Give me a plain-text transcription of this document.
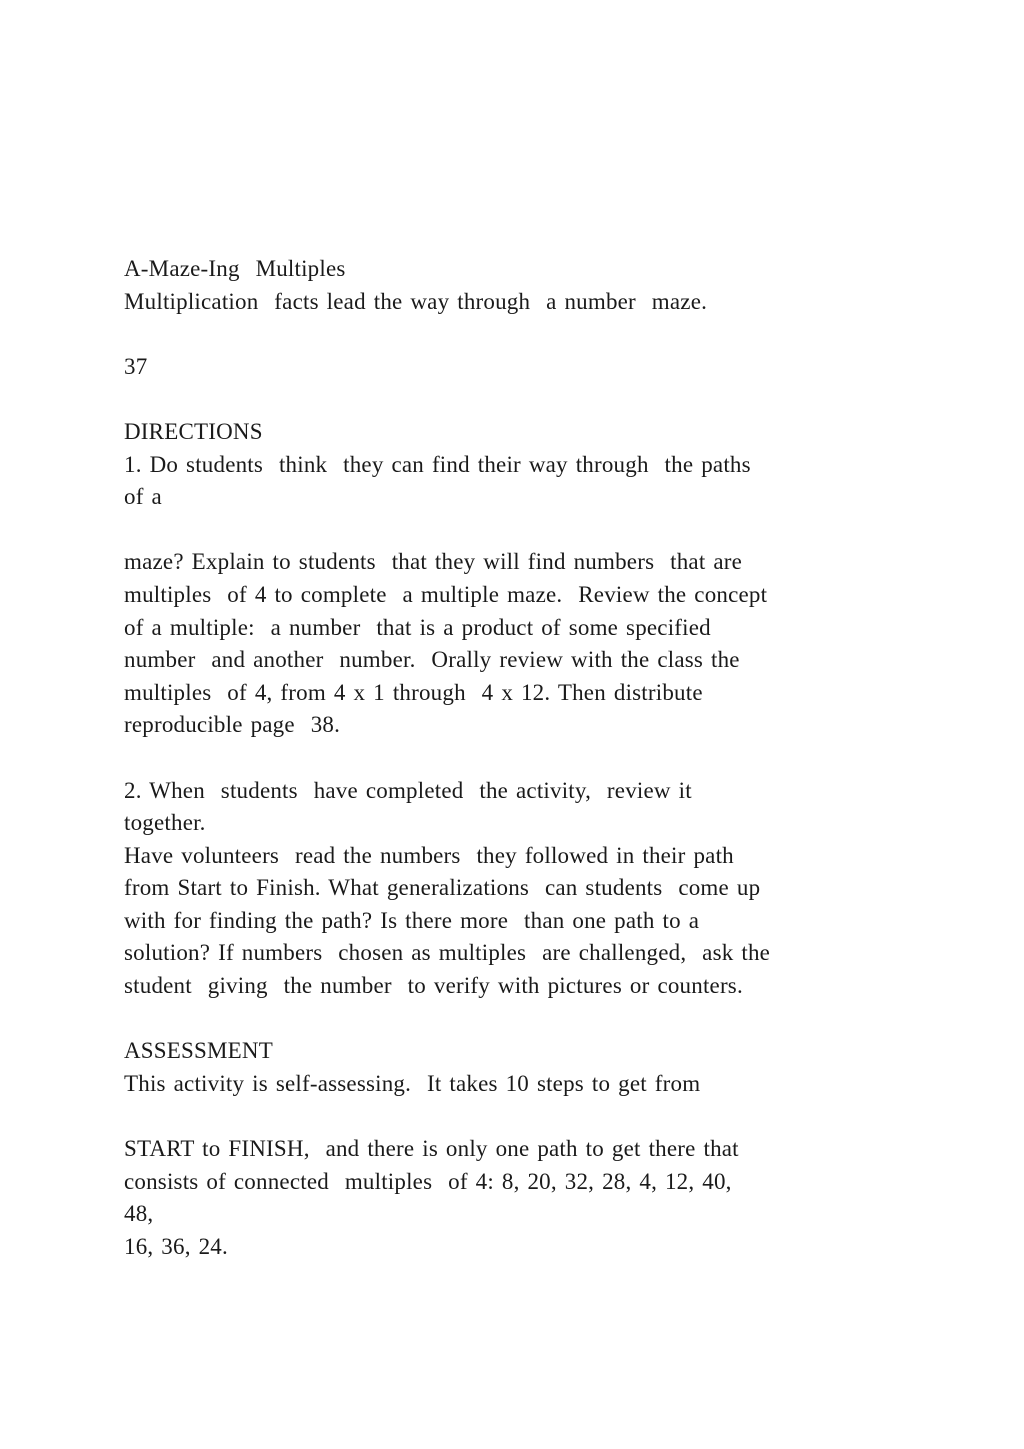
A-Maze-Ing  Multiples
Multiplication  facts lead the way through  a number  maze.
37
DIRECTIONS
1. Do students  think  they can find their way through  the paths
of a
maze? Explain to students  that they will find numbers  that are
multiples  of 4 to complete  a multiple maze.  Review the concept
of a multiple:  a number  that is a product of some specified
number  and another  number.  Orally review with the class the
multiples  of 4, from 4 x 1 through  4 x 12. Then distribute
reproducible page  38.
2. When  students  have completed  the activity,  review it
together.
Have volunteers  read the numbers  they followed in their path
from Start to Finish. What generalizations  can students  come up
with for finding the path? Is there more  than one path to a
solution? If numbers  chosen as multiples  are challenged,  ask the
student  giving  the number  to verify with pictures or counters.
ASSESSMENT
This activity is self-assessing.  It takes 10 steps to get from
START to FINISH,  and there is only one path to get there that
consists of connected  multiples  of 4: 8, 20, 32, 28, 4, 12, 40,
48,
16, 36, 24.
